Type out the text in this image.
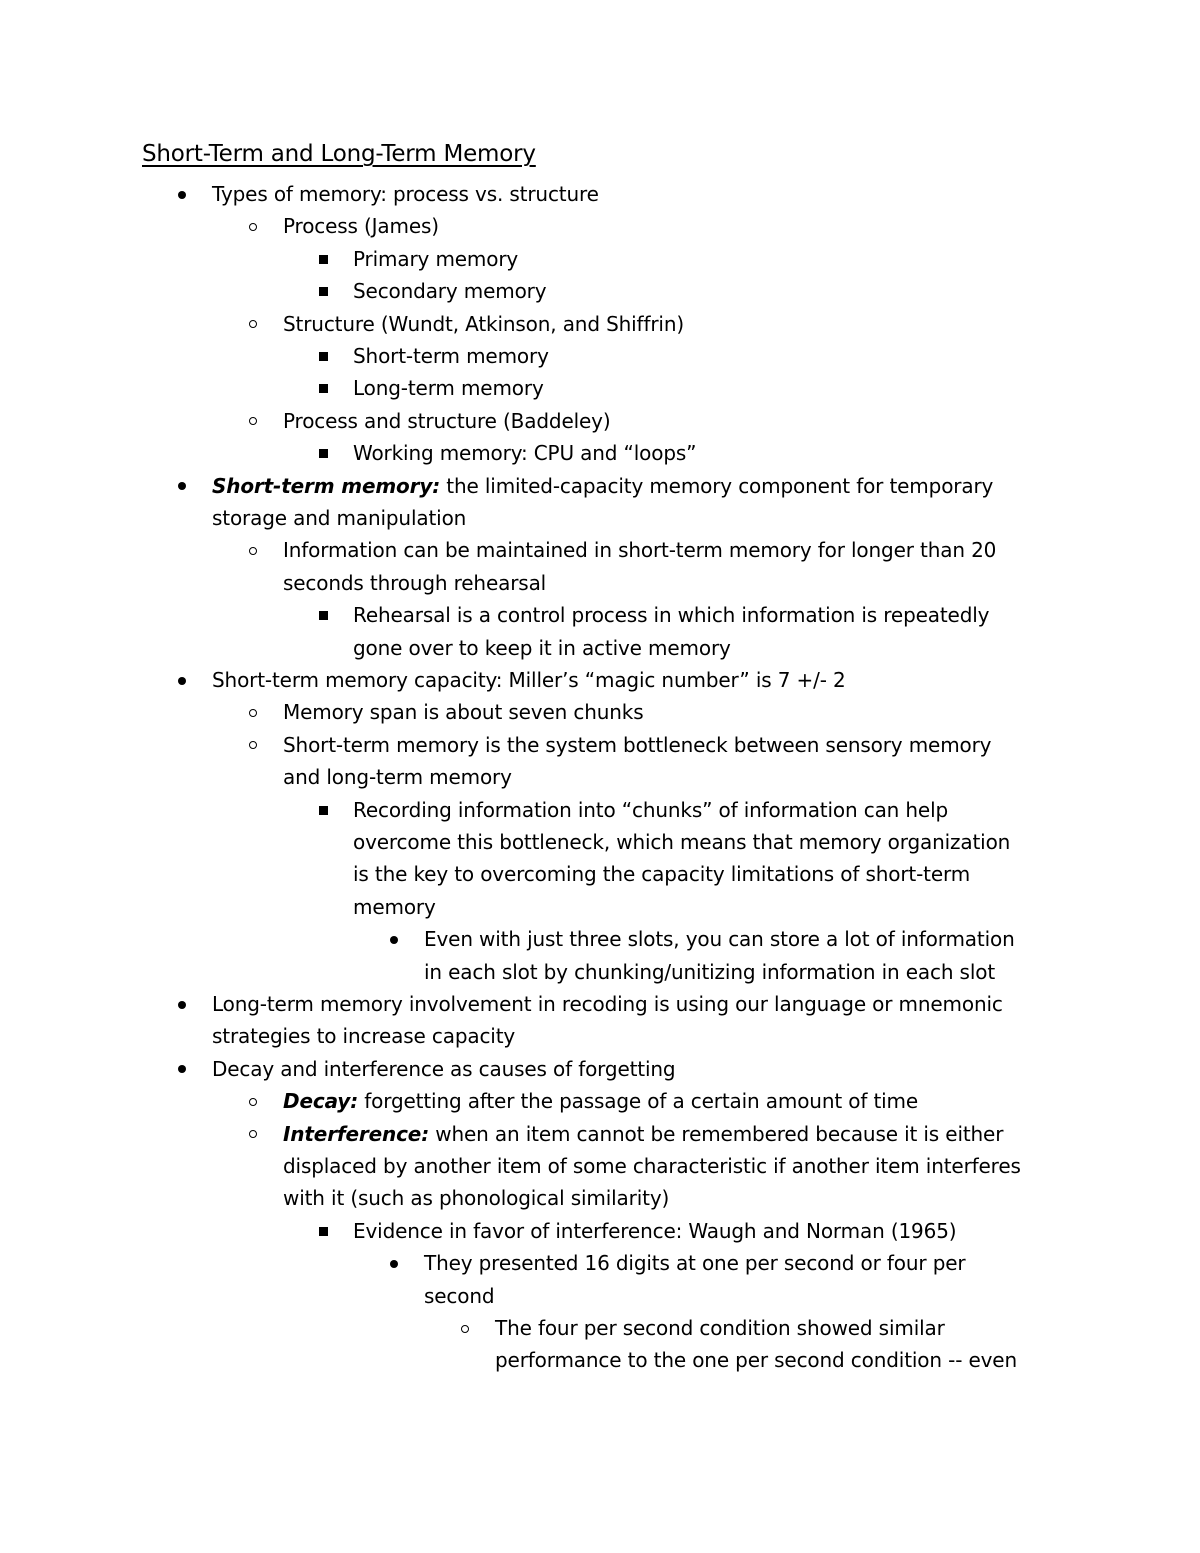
Short-Term and Long-Term Memory
Types of memory: process vs. structure
Process (James)
Primary memory
Secondary memory
Structure (Wundt, Atkinson, and Shiffrin)
Short-term memory
Long-term memory
Process and structure (Baddeley)
Working memory: CPU and “loops”
Short-term memory: the limited-capacity memory component for temporary
storage and manipulation
Information can be maintained in short-term memory for longer than 20
seconds through rehearsal
Rehearsal is a control process in which information is repeatedly
gone over to keep it in active memory
Short-term memory capacity: Miller’s “magic number” is 7 +/- 2
Memory span is about seven chunks
Short-term memory is the system bottleneck between sensory memory
and long-term memory
Recording information into “chunks” of information can help
overcome this bottleneck, which means that memory organization
is the key to overcoming the capacity limitations of short-term
memory
Even with just three slots, you can store a lot of information
in each slot by chunking/unitizing information in each slot
Long-term memory involvement in recoding is using our language or mnemonic
strategies to increase capacity
Decay and interference as causes of forgetting
Decay: forgetting after the passage of a certain amount of time
Interference: when an item cannot be remembered because it is either
displaced by another item of some characteristic if another item interferes
with it (such as phonological similarity)
Evidence in favor of interference: Waugh and Norman (1965)
They presented 16 digits at one per second or four per
second
The four per second condition showed similar
performance to the one per second condition -- even
